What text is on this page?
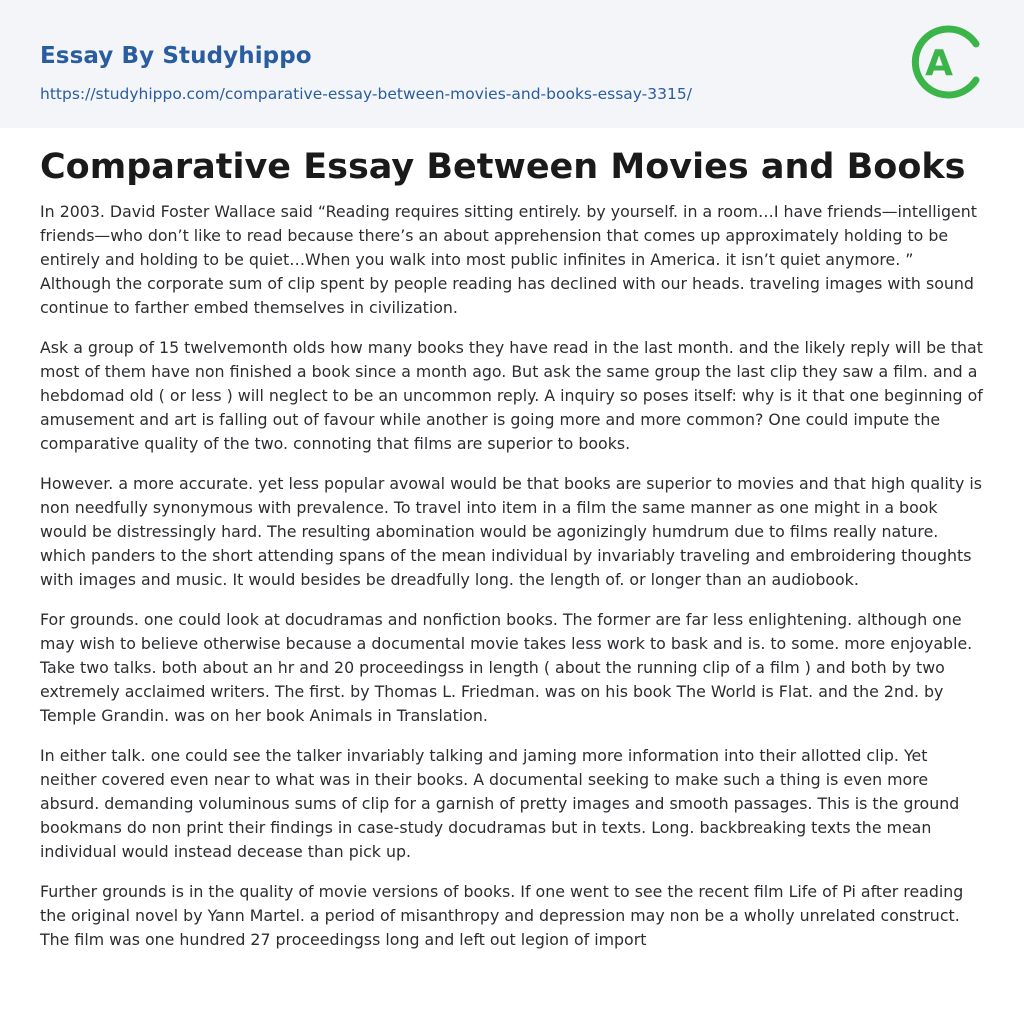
Essay By Studyhippo
https://studyhippo.com/comparative-essay-between-movies-and-books-essay-3315/
A
Comparative Essay Between Movies and Books

In 2003. David Foster Wallace said “Reading requires sitting entirely. by yourself. in a room…I have friends—intelligent friends—who don’t like to read because there’s an about apprehension that comes up approximately holding to be entirely and holding to be quiet…When you walk into most public infinites in America. it isn’t quiet anymore. ” Although the corporate sum of clip spent by people reading has declined with our heads. traveling images with sound continue to farther embed themselves in civilization.

Ask a group of 15 twelvemonth olds how many books they have read in the last month. and the likely reply will be that most of them have non finished a book since a month ago. But ask the same group the last clip they saw a film. and a hebdomad old ( or less ) will neglect to be an uncommon reply. A inquiry so poses itself: why is it that one beginning of amusement and art is falling out of favour while another is going more and more common? One could impute the comparative quality of the two. connoting that films are superior to books.

However. a more accurate. yet less popular avowal would be that books are superior to movies and that high quality is non needfully synonymous with prevalence. To travel into item in a film the same manner as one might in a book would be distressingly hard. The resulting abomination would be agonizingly humdrum due to films really nature. which panders to the short attending spans of the mean individual by invariably traveling and embroidering thoughts with images and music. It would besides be dreadfully long. the length of. or longer than an audiobook.

For grounds. one could look at docudramas and nonfiction books. The former are far less enlightening. although one may wish to believe otherwise because a documental movie takes less work to bask and is. to some. more enjoyable. Take two talks. both about an hr and 20 proceedingss in length ( about the running clip of a film ) and both by two extremely acclaimed writers. The first. by Thomas L. Friedman. was on his book The World is Flat. and the 2nd. by Temple Grandin. was on her book Animals in Translation.

In either talk. one could see the talker invariably talking and jaming more information into their allotted clip. Yet neither covered even near to what was in their books. A documental seeking to make such a thing is even more absurd. demanding voluminous sums of clip for a garnish of pretty images and smooth passages. This is the ground bookmans do non print their findings in case-study docudramas but in texts. Long. backbreaking texts the mean individual would instead decease than pick up.

Further grounds is in the quality of movie versions of books. If one went to see the recent film Life of Pi after reading the original novel by Yann Martel. a period of misanthropy and depression may non be a wholly unrelated construct. The film was one hundred 27 proceedingss long and left out legion of import
